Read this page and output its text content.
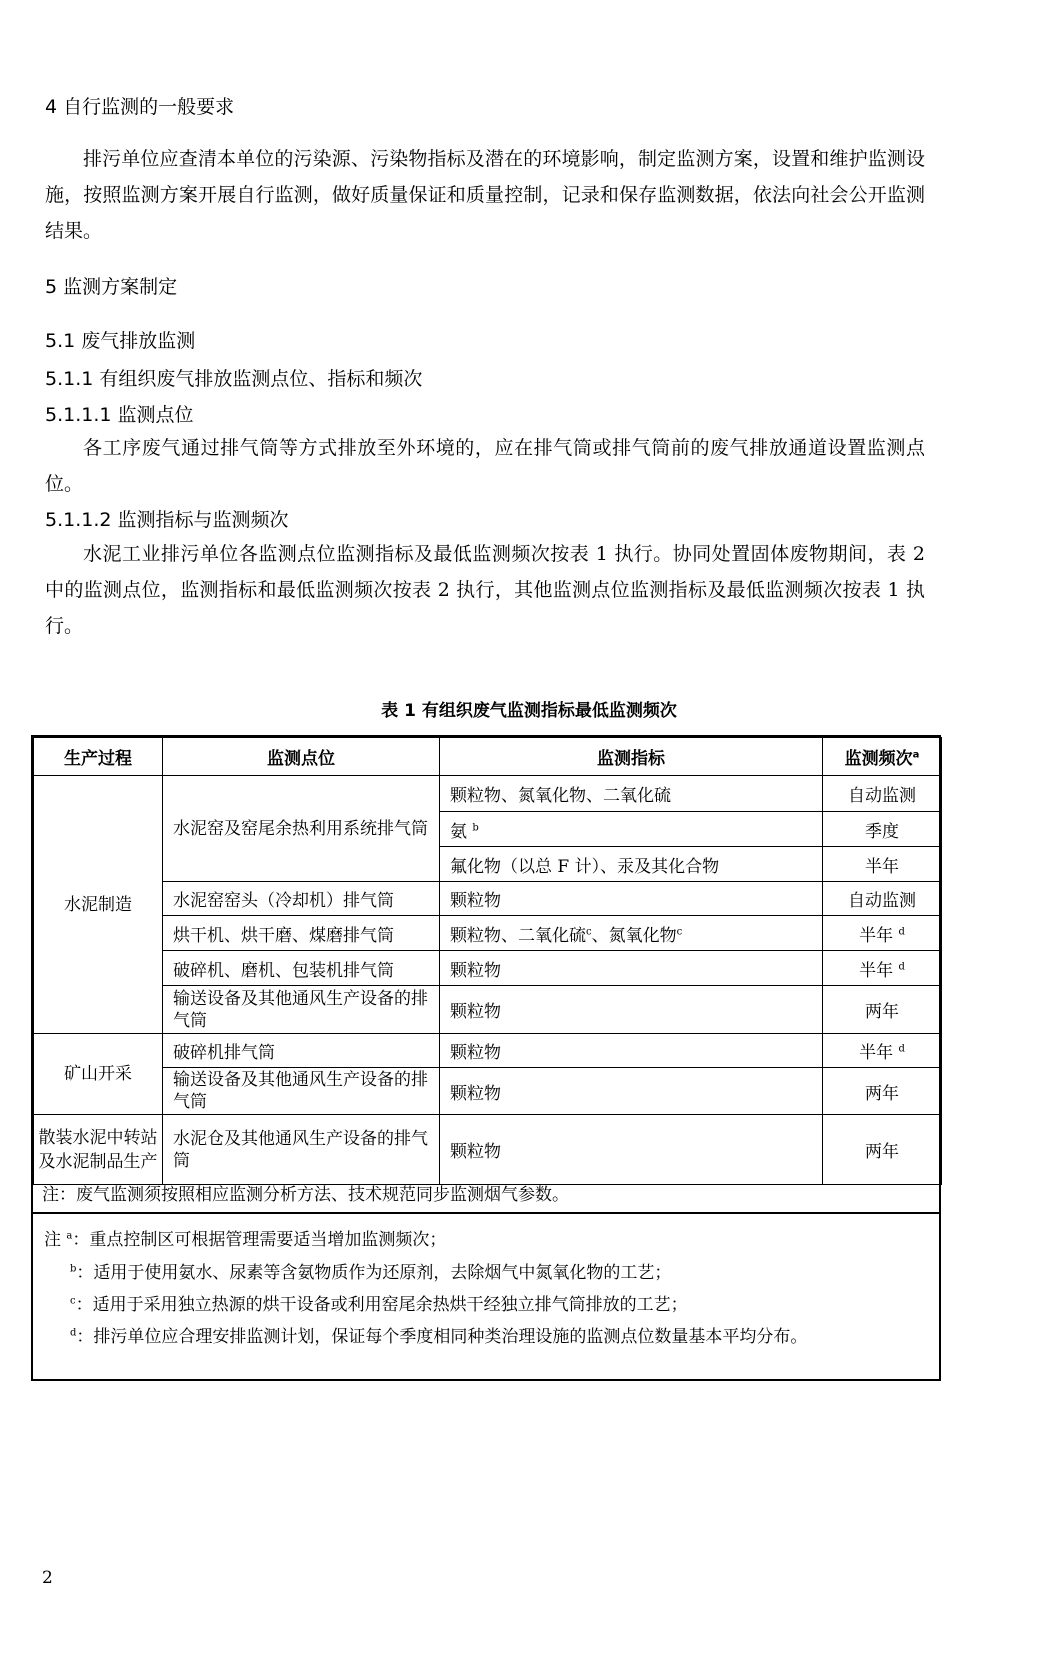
4 自行监测的一般要求
排污单位应查清本单位的污染源、污染物指标及潜在的环境影响，制定监测方案，设置和维护监测设施，按照监测方案开展自行监测，做好质量保证和质量控制，记录和保存监测数据，依法向社会公开监测结果。
5 监测方案制定
5.1 废气排放监测
5.1.1 有组织废气排放监测点位、指标和频次
5.1.1.1 监测点位
各工序废气通过排气筒等方式排放至外环境的，应在排气筒或排气筒前的废气排放通道设置监测点位。
5.1.1.2 监测指标与监测频次
水泥工业排污单位各监测点位监测指标及最低监测频次按表 1 执行。协同处置固体废物期间，表 2 中的监测点位，监测指标和最低监测频次按表 2 执行，其他监测点位监测指标及最低监测频次按表 1 执行。
表 1 有组织废气监测指标最低监测频次
生产过程	监测点位	监测指标	监测频次$^a$
水泥制造	水泥窑及窑尾余热利用系统排气筒	颗粒物、氮氧化物、二氧化硫	自动监测
		氨 $^b$	季度
		氟化物（以总 F 计）、汞及其化合物	半年
	水泥窑窑头（冷却机）排气筒	颗粒物	自动监测
	烘干机、烘干磨、煤磨排气筒	颗粒物、二氧化硫$^c$、氮氧化物$^c$	半年 $^d$
	破碎机、磨机、包装机排气筒	颗粒物	半年 $^d$
	输送设备及其他通风生产设备的排气筒	颗粒物	两年
矿山开采	破碎机排气筒	颗粒物	半年 $^d$
	输送设备及其他通风生产设备的排气筒	颗粒物	两年
散装水泥中转站及水泥制品生产	水泥仓及其他通风生产设备的排气筒	颗粒物	两年
注：废气监测须按照相应监测分析方法、技术规范同步监测烟气参数。
注 $^a$：重点控制区可根据管理需要适当增加监测频次；
$^b$：适用于使用氨水、尿素等含氨物质作为还原剂，去除烟气中氮氧化物的工艺；
$^c$：适用于采用独立热源的烘干设备或利用窑尾余热烘干经独立排气筒排放的工艺；
$^d$：排污单位应合理安排监测计划，保证每个季度相同种类治理设施的监测点位数量基本平均分布。
2
